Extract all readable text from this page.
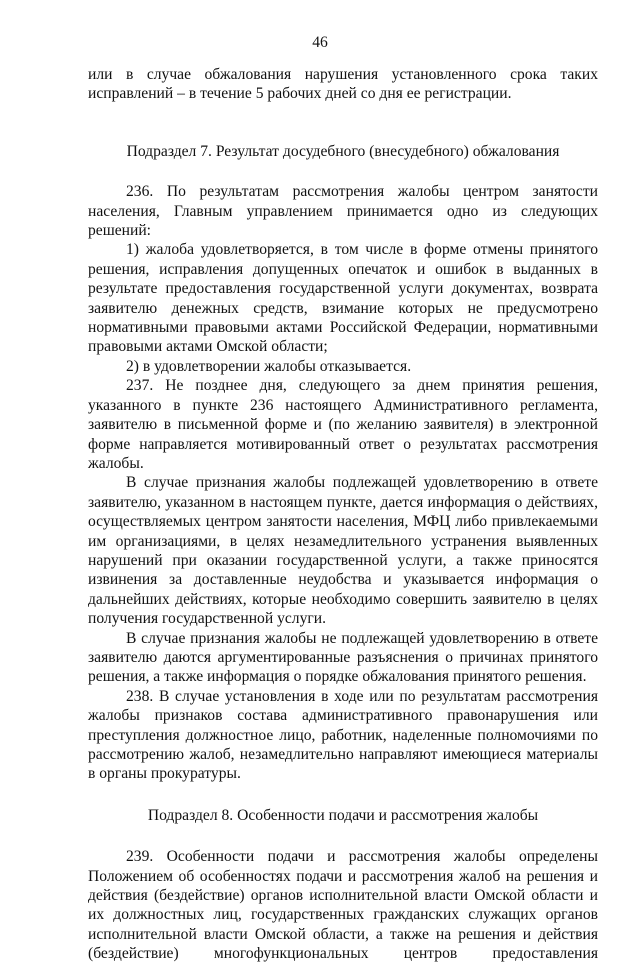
46

или в случае обжалования нарушения установленного срока таких исправлений – в течение 5 рабочих дней со дня ее регистрации.

Подраздел 7. Результат досудебного (внесудебного) обжалования

236. По результатам рассмотрения жалобы центром занятости населения, Главным управлением принимается одно из следующих решений:

1) жалоба удовлетворяется, в том числе в форме отмены принятого решения, исправления допущенных опечаток и ошибок в выданных в результате предоставления государственной услуги документах, возврата заявителю денежных средств, взимание которых не предусмотрено нормативными правовыми актами Российской Федерации, нормативными правовыми актами Омской области;

2) в удовлетворении жалобы отказывается.

237. Не позднее дня, следующего за днем принятия решения, указанного в пункте 236 настоящего Административного регламента, заявителю в письменной форме и (по желанию заявителя) в электронной форме направляется мотивированный ответ о результатах рассмотрения жалобы.

В случае признания жалобы подлежащей удовлетворению в ответе заявителю, указанном в настоящем пункте, дается информация о действиях, осуществляемых центром занятости населения, МФЦ либо привлекаемыми им организациями, в целях незамедлительного устранения выявленных нарушений при оказании государственной услуги, а также приносятся извинения за доставленные неудобства и указывается информация о дальнейших действиях, которые необходимо совершить заявителю в целях получения государственной услуги.

В случае признания жалобы не подлежащей удовлетворению в ответе заявителю даются аргументированные разъяснения о причинах принятого решения, а также информация о порядке обжалования принятого решения.

238. В случае установления в ходе или по результатам рассмотрения жалобы признаков состава административного правонарушения или преступления должностное лицо, работник, наделенные полномочиями по рассмотрению жалоб, незамедлительно направляют имеющиеся материалы в органы прокуратуры.

Подраздел 8. Особенности подачи и рассмотрения жалобы

239. Особенности подачи и рассмотрения жалобы определены Положением об особенностях подачи и рассмотрения жалоб на решения и действия (бездействие) органов исполнительной власти Омской области и их должностных лиц, государственных гражданских служащих органов исполнительной власти Омской области, а также на решения и действия (бездействие) многофункциональных центров предоставления
